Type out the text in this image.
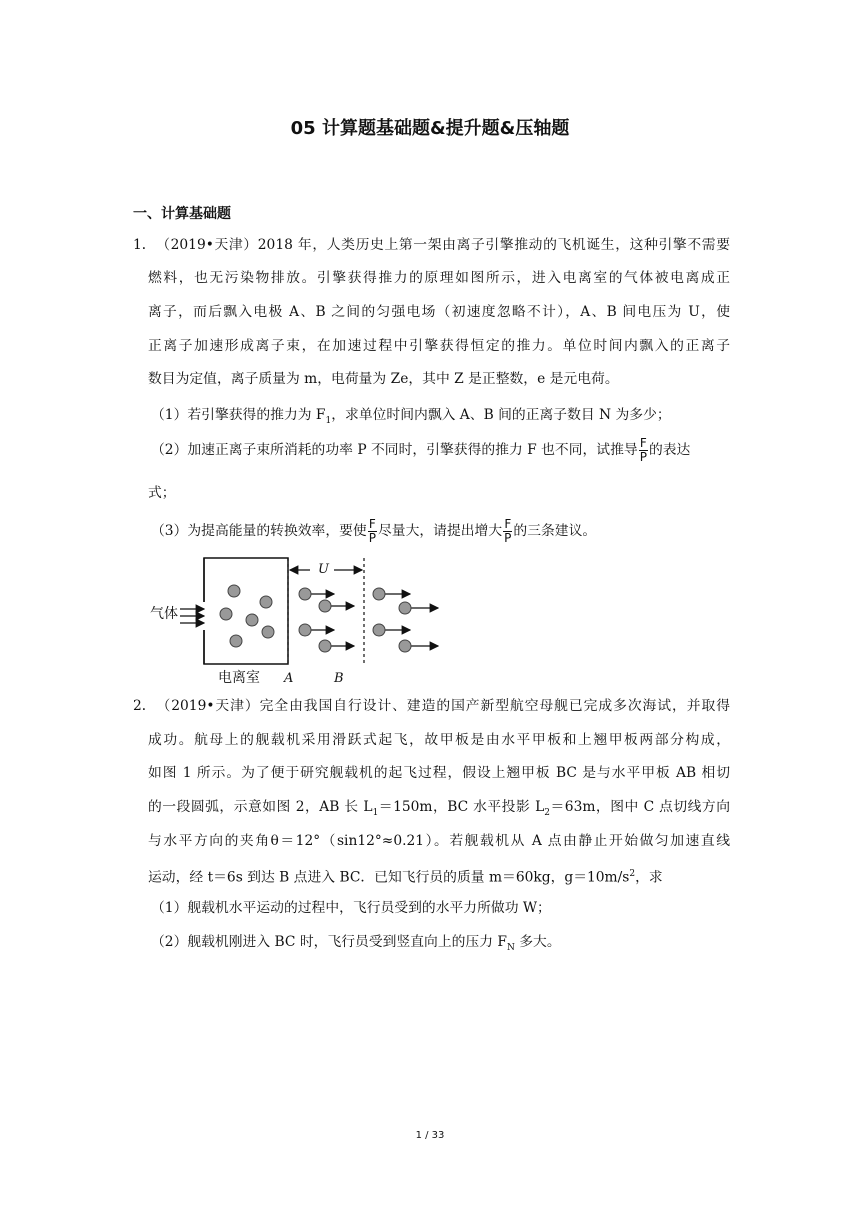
05 计算题基础题&提升题&压轴题
一、计算基础题
1．（2019•天津）2018 年，人类历史上第一架由离子引擎推动的飞机诞生，这种引擎不需要
燃料，也无污染物排放。引擎获得推力的原理如图所示，进入电离室的气体被电离成正
离子，而后飘入电极 A、B 之间的匀强电场（初速度忽略不计），A、B 间电压为 U，使
正离子加速形成离子束，在加速过程中引擎获得恒定的推力。单位时间内飘入的正离子
数目为定值，离子质量为 m，电荷量为 Ze，其中 Z 是正整数，e 是元电荷。
（1）若引擎获得的推力为 $F_1$，求单位时间内飘入 A、B 间的正离子数目 N 为多少；
（2）加速正离子束所消耗的功率 P 不同时，引擎获得的推力 F 也不同，试推导 $\frac{F}{P}$ 的表达
式；
（3）为提高能量的转换效率，要使 $\frac{F}{P}$ 尽量大，请提出增大 $\frac{F}{P}$ 的三条建议。
气体
电离室 A	B
U
2．（2019•天津）完全由我国自行设计、建造的国产新型航空母舰已完成多次海试，并取得
成功。航母上的舰载机采用滑跃式起飞，故甲板是由水平甲板和上翘甲板两部分构成，
如图 1 所示。为了便于研究舰载机的起飞过程，假设上翘甲板 BC 是与水平甲板 AB 相切
的一段圆弧，示意如图 2，AB 长 $L_1=150m$，BC 水平投影 $L_2=63m$，图中 C 点切线方向
与水平方向的夹角θ＝12°（sin12°≈0.21）。若舰载机从 A 点由静止开始做匀加速直线
运动，经 t＝6s 到达 B 点进入 BC．已知飞行员的质量 m＝60kg，$g=10m/s^2$，求
（1）舰载机水平运动的过程中，飞行员受到的水平力所做功 W；
（2）舰载机刚进入 BC 时，飞行员受到竖直向上的压力 $F_N$ 多大。
1 / 33
